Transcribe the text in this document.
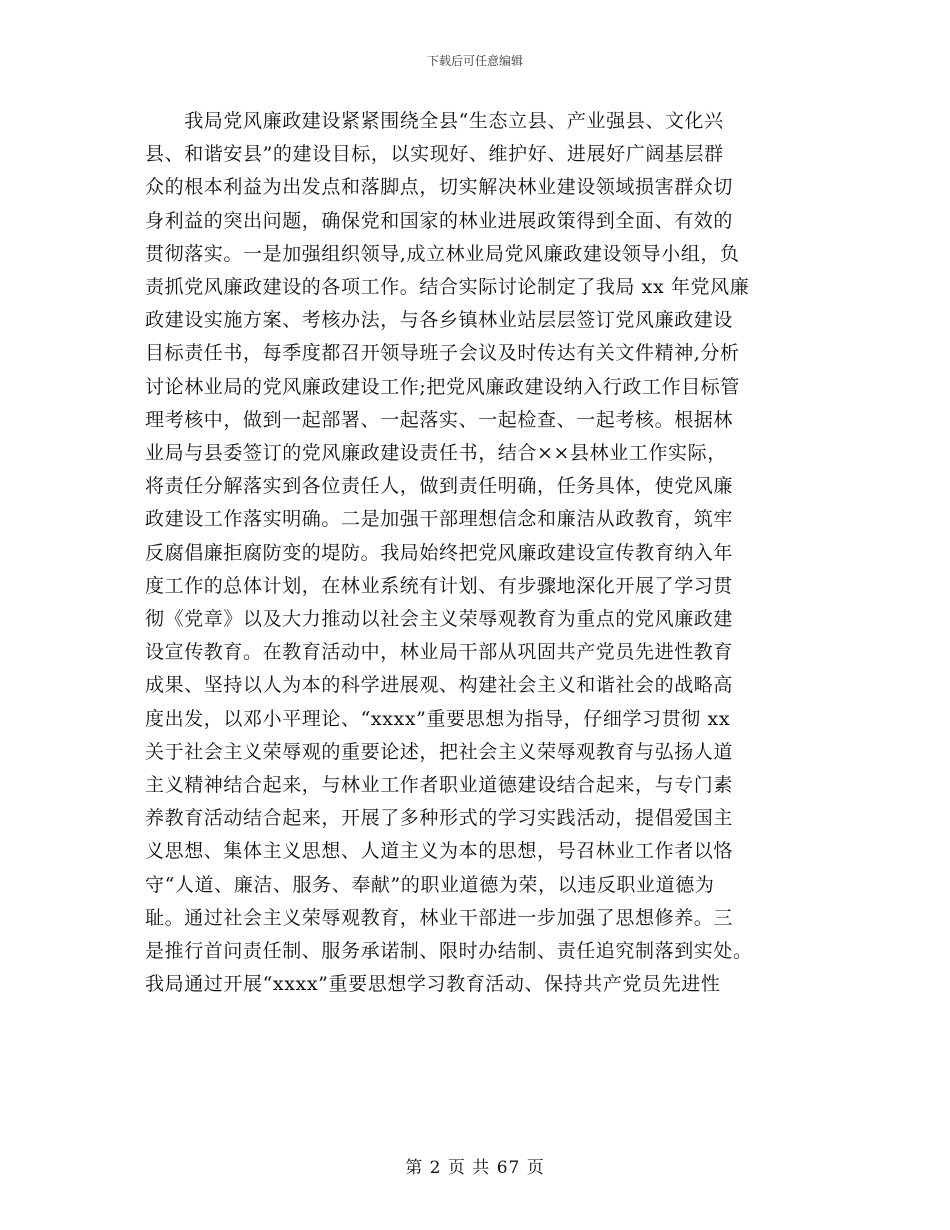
下载后可任意编辑
　　我局党风廉政建设紧紧围绕全县“生态立县、产业强县、文化兴
县、和谐安县”的建设目标，以实现好、维护好、进展好广阔基层群
众的根本利益为出发点和落脚点，切实解决林业建设领域损害群众切
身利益的突出问题，确保党和国家的林业进展政策得到全面、有效的
贯彻落实。一是加强组织领导,成立林业局党风廉政建设领导小组，负
责抓党风廉政建设的各项工作。结合实际讨论制定了我局 xx 年党风廉
政建设实施方案、考核办法，与各乡镇林业站层层签订党风廉政建设
目标责任书，每季度都召开领导班子会议及时传达有关文件精神,分析
讨论林业局的党风廉政建设工作;把党风廉政建设纳入行政工作目标管
理考核中，做到一起部署、一起落实、一起检查、一起考核。根据林
业局与县委签订的党风廉政建设责任书，结合××县林业工作实际，
将责任分解落实到各位责任人，做到责任明确，任务具体，使党风廉
政建设工作落实明确。二是加强干部理想信念和廉洁从政教育，筑牢
反腐倡廉拒腐防变的堤防。我局始终把党风廉政建设宣传教育纳入年
度工作的总体计划，在林业系统有计划、有步骤地深化开展了学习贯
彻《党章》以及大力推动以社会主义荣辱观教育为重点的党风廉政建
设宣传教育。在教育活动中，林业局干部从巩固共产党员先进性教育
成果、坚持以人为本的科学进展观、构建社会主义和谐社会的战略高
度出发，以邓小平理论、“xxxx”重要思想为指导，仔细学习贯彻 xx
关于社会主义荣辱观的重要论述，把社会主义荣辱观教育与弘扬人道
主义精神结合起来，与林业工作者职业道德建设结合起来，与专门素
养教育活动结合起来，开展了多种形式的学习实践活动，提倡爱国主
义思想、集体主义思想、人道主义为本的思想，号召林业工作者以恪
守“人道、廉洁、服务、奉献”的职业道德为荣，以违反职业道德为
耻。通过社会主义荣辱观教育，林业干部进一步加强了思想修养。三
是推行首问责任制、服务承诺制、限时办结制、责任追究制落到实处。
我局通过开展“xxxx”重要思想学习教育活动、保持共产党员先进性
第 2 页 共 67 页
